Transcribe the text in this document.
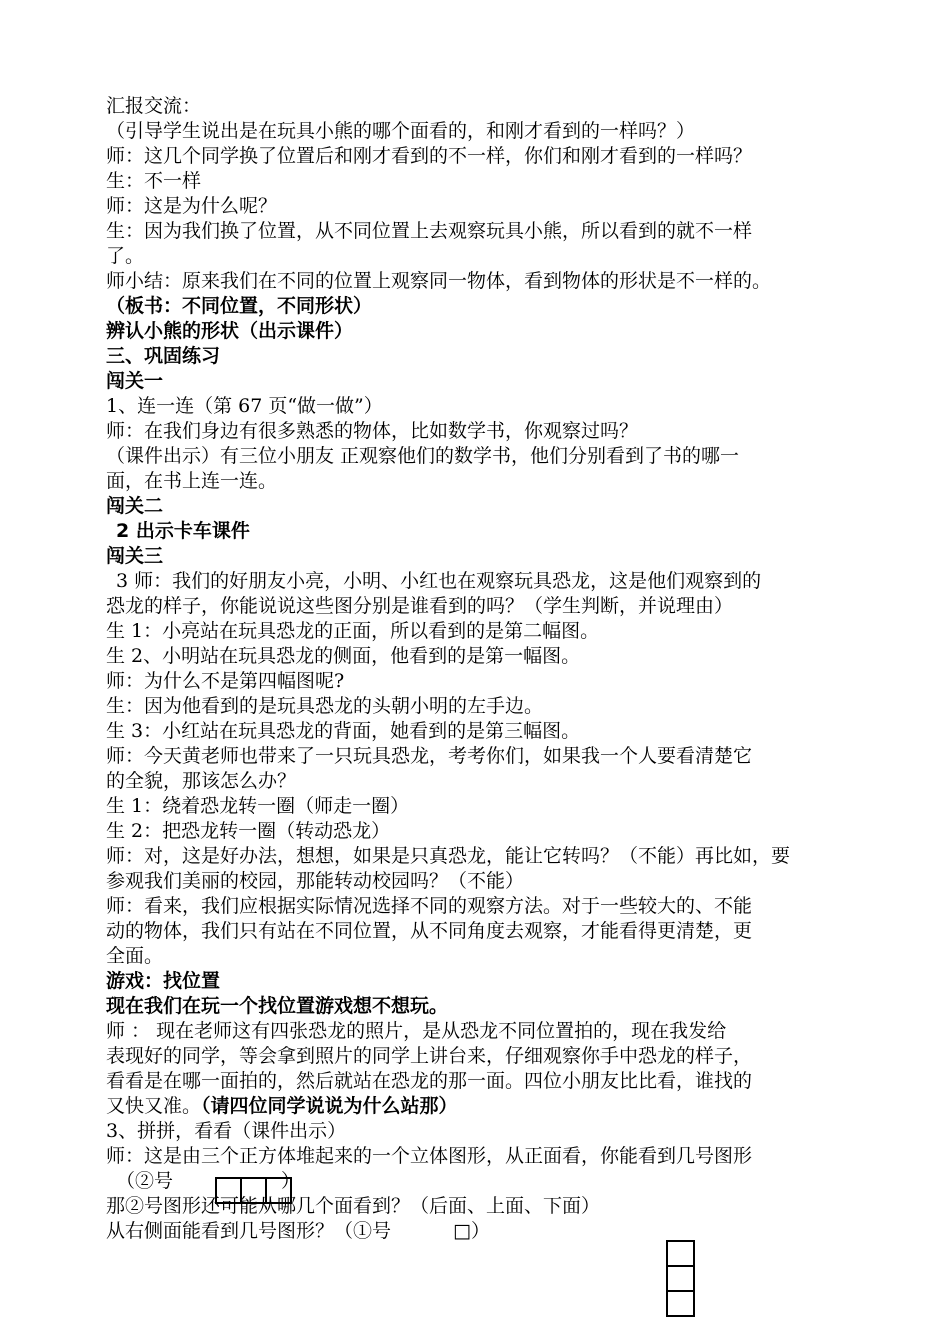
汇报交流：
（引导学生说出是在玩具小熊的哪个面看的，和刚才看到的一样吗？）
师：这几个同学换了位置后和刚才看到的不一样，你们和刚才看到的一样吗？
生：不一样
师：这是为什么呢？
生：因为我们换了位置，从不同位置上去观察玩具小熊，所以看到的就不一样
了。
师小结：原来我们在不同的位置上观察同一物体，看到物体的形状是不一样的。
（板书：不同位置，不同形状）
辨认小熊的形状（出示课件）
三、巩固练习
闯关一
1、连一连（第 67 页“做一做”）
师：在我们身边有很多熟悉的物体，比如数学书，你观察过吗？
（课件出示）有三位小朋友 正观察他们的数学书，他们分别看到了书的哪一
面，在书上连一连。
闯关二
2 出示卡车课件
闯关三
3 师：我们的好朋友小亮，小明、小红也在观察玩具恐龙，这是他们观察到的
恐龙的样子，你能说说这些图分别是谁看到的吗？（学生判断，并说理由）
生 1：小亮站在玩具恐龙的正面，所以看到的是第二幅图。
生 2、小明站在玩具恐龙的侧面，他看到的是第一幅图。
师：为什么不是第四幅图呢?
生：因为他看到的是玩具恐龙的头朝小明的左手边。
生 3：小红站在玩具恐龙的背面，她看到的是第三幅图。
师：今天黄老师也带来了一只玩具恐龙，考考你们，如果我一个人要看清楚它
的全貌，那该怎么办？
生 1：绕着恐龙转一圈（师走一圈）
生 2：把恐龙转一圈（转动恐龙）
师：对，这是好办法，想想，如果是只真恐龙，能让它转吗？（不能）再比如，要
参观我们美丽的校园，那能转动校园吗？（不能）
师：看来，我们应根据实际情况选择不同的观察方法。对于一些较大的、不能
动的物体，我们只有站在不同位置，从不同角度去观察，才能看得更清楚，更
全面。
游戏：找位置
现在我们在玩一个找位置游戏想不想玩。
师 ： 现在老师这有四张恐龙的照片，是从恐龙不同位置拍的，现在我发给
表现好的同学，等会拿到照片的同学上讲台来，仔细观察你手中恐龙的样子，
看看是在哪一面拍的，然后就站在恐龙的那一面。四位小朋友比比看，谁找的
又快又准。（请四位同学说说为什么站那）
3、拼拼，看看（课件出示）
师：这是由三个正方体堆起来的一个立体图形，从正面看，你能看到几号图形
（②号	）
那②号图形还可能从哪几个面看到？（后面、上面、下面）
从右侧面能看到几号图形？（①号	□）
